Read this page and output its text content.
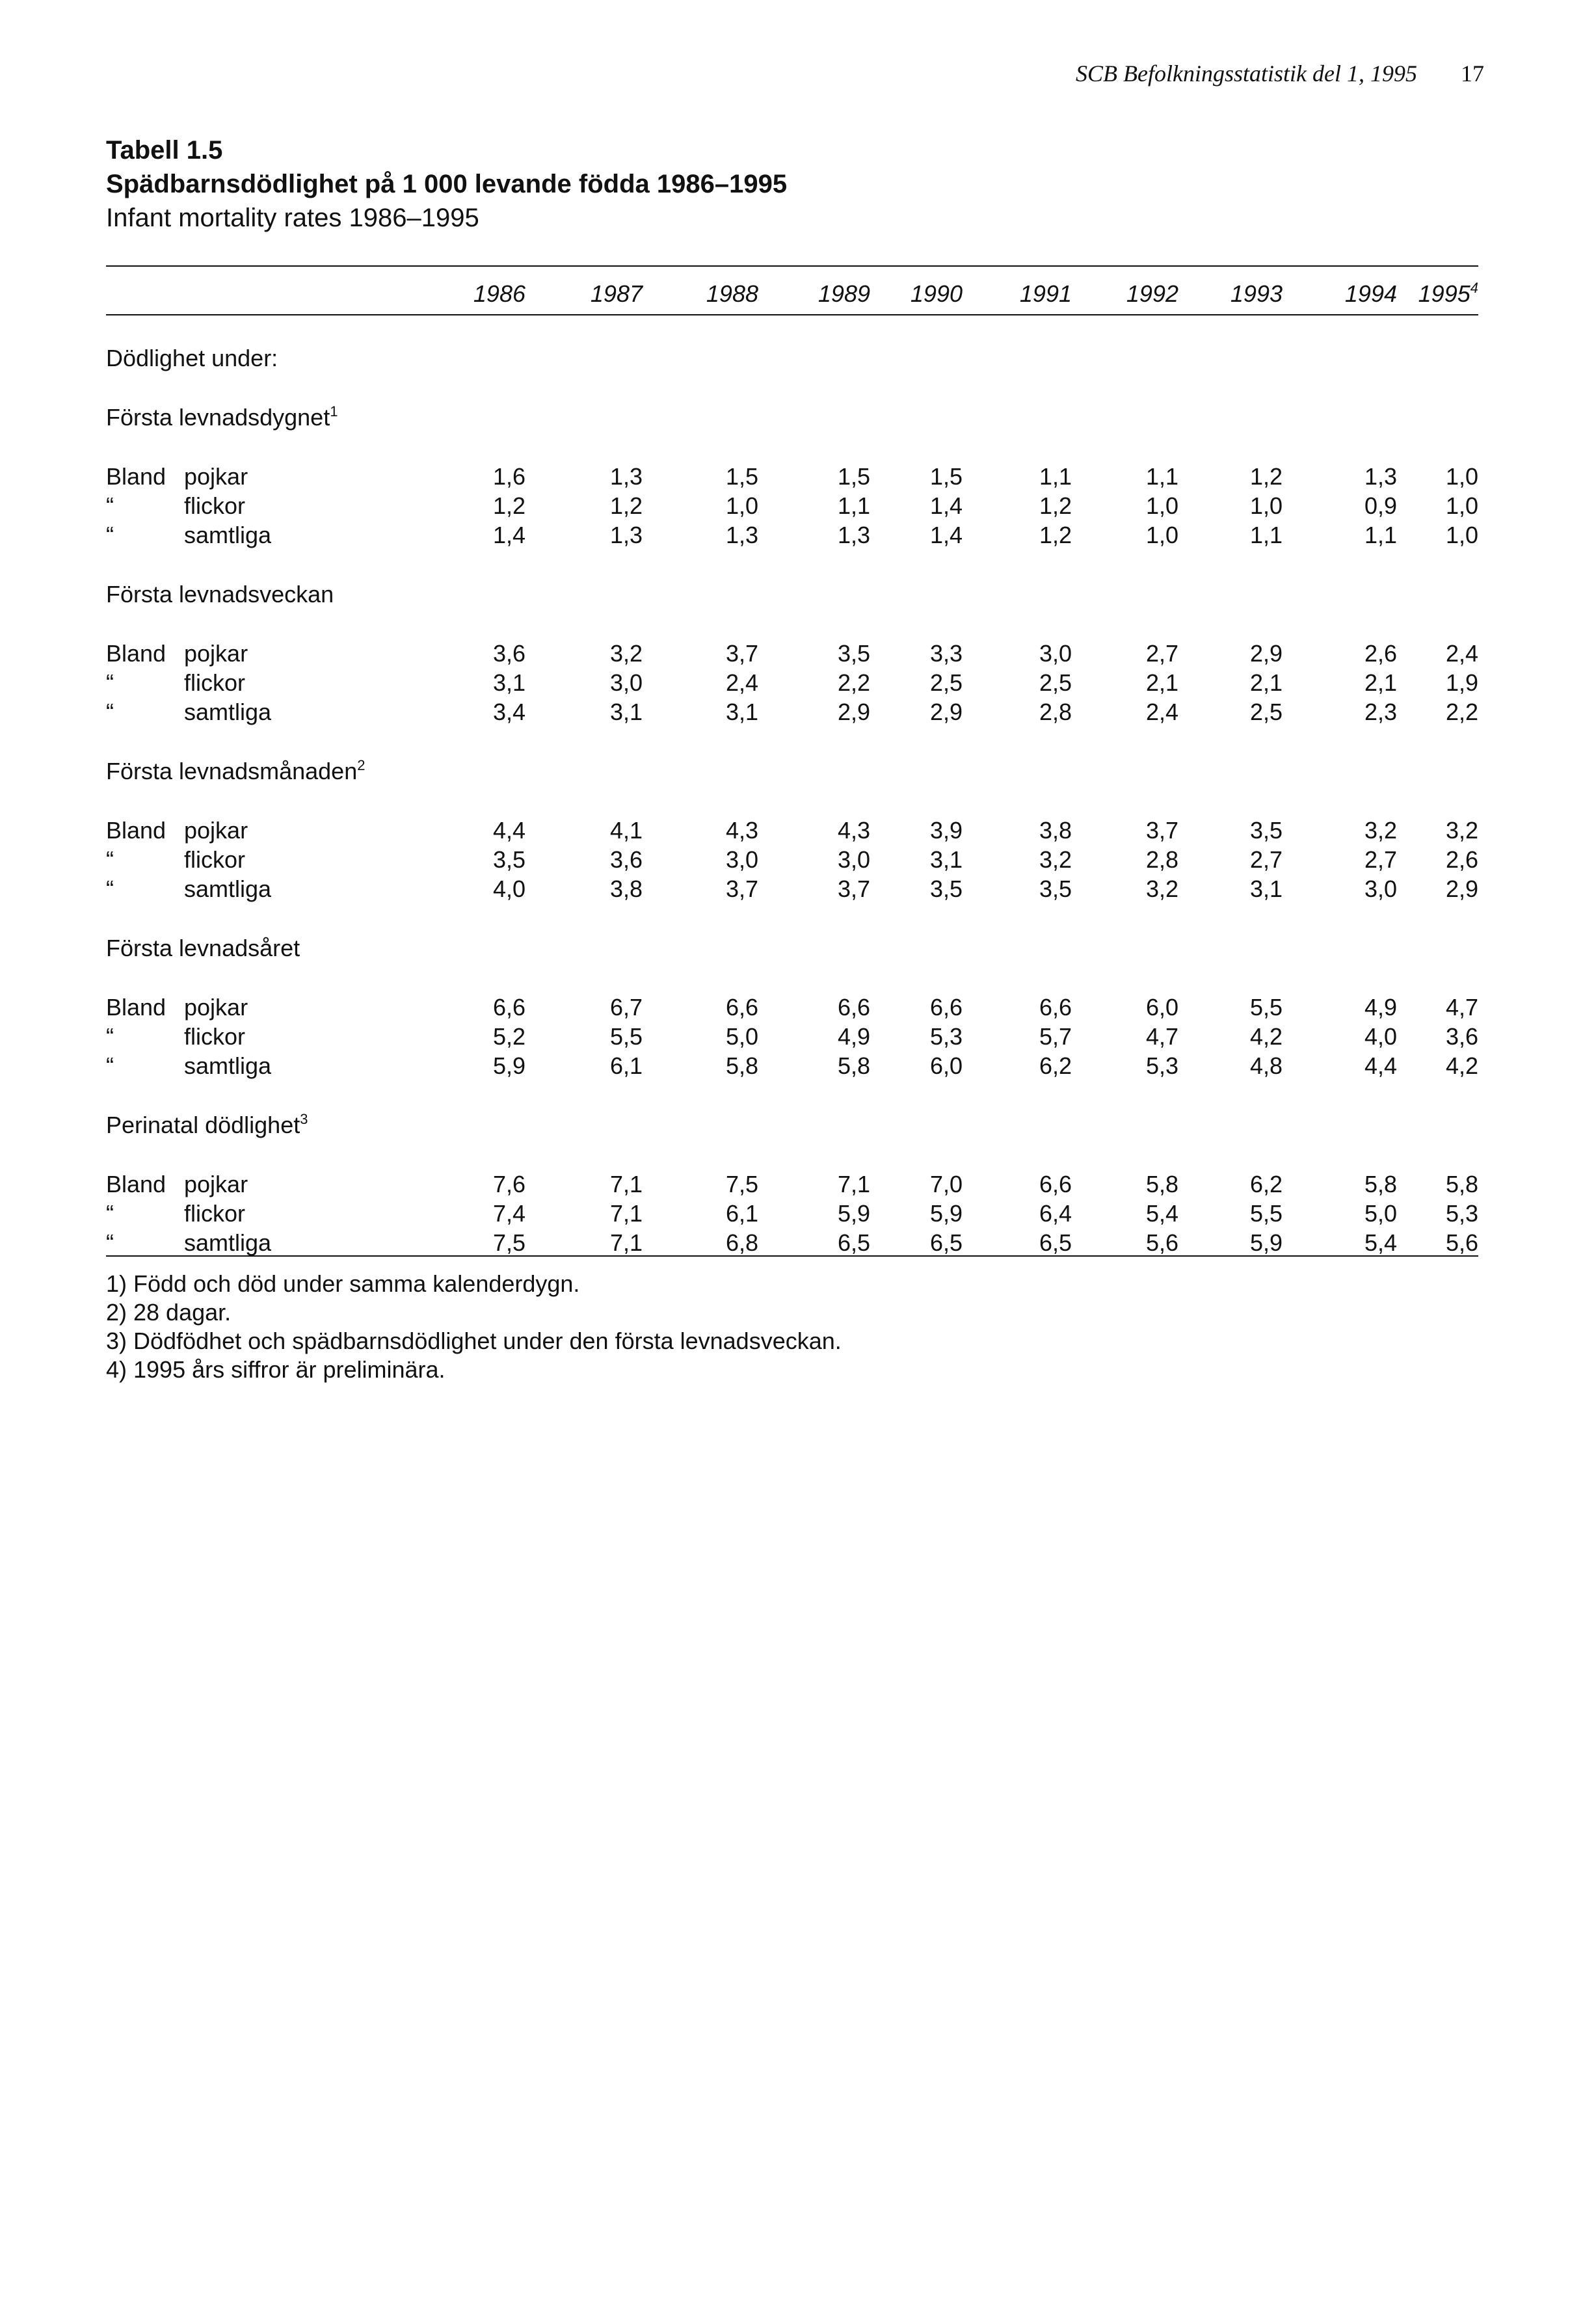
SCB Befolkningsstatistik del 1, 1995 17
Tabell 1.5
Spädbarnsdödlighet på 1 000 levande födda 1986–1995
Infant mortality rates 1986–1995
	1986	1987	1988	1989	1990	1991	1992	1993	1994	1995$^4$

Dödlighet under:										

Första levnadsdygnet$^1$

Bland pojkar	1,6	1,3	1,5	1,5	1,5	1,1	1,1	1,2	1,3	1,0
“ flickor	1,2	1,2	1,0	1,1	1,4	1,2	1,0	1,0	0,9	1,0
“ samtliga	1,4	1,3	1,3	1,3	1,4	1,2	1,0	1,1	1,1	1,0

Första levnadsveckan										

Bland pojkar	3,6	3,2	3,7	3,5	3,3	3,0	2,7	2,9	2,6	2,4
“ flickor	3,1	3,0	2,4	2,2	2,5	2,5	2,1	2,1	2,1	1,9
“ samtliga	3,4	3,1	3,1	2,9	2,9	2,8	2,4	2,5	2,3	2,2

Första levnadsmånaden$^2$

Bland pojkar	4,4	4,1	4,3	4,3	3,9	3,8	3,7	3,5	3,2	3,2
“ flickor	3,5	3,6	3,0	3,0	3,1	3,2	2,8	2,7	2,7	2,6
“ samtliga	4,0	3,8	3,7	3,7	3,5	3,5	3,2	3,1	3,0	2,9

Första levnadsåret										

Bland pojkar	6,6	6,7	6,6	6,6	6,6	6,6	6,0	5,5	4,9	4,7
“ flickor	5,2	5,5	5,0	4,9	5,3	5,7	4,7	4,2	4,0	3,6
“ samtliga	5,9	6,1	5,8	5,8	6,0	6,2	5,3	4,8	4,4	4,2

Perinatal dödlighet$^3$

Bland pojkar	7,6	7,1	7,5	7,1	7,0	6,6	5,8	6,2	5,8	5,8
“ flickor	7,4	7,1	6,1	5,9	5,9	6,4	5,4	5,5	5,0	5,3
“ samtliga	7,5	7,1	6,8	6,5	6,5	6,5	5,6	5,9	5,4	5,6
1) Född och död under samma kalenderdygn.
2) 28 dagar.
3) Dödfödhet och spädbarnsdödlighet under den första levnadsveckan.
4) 1995 års siffror är preliminära.
